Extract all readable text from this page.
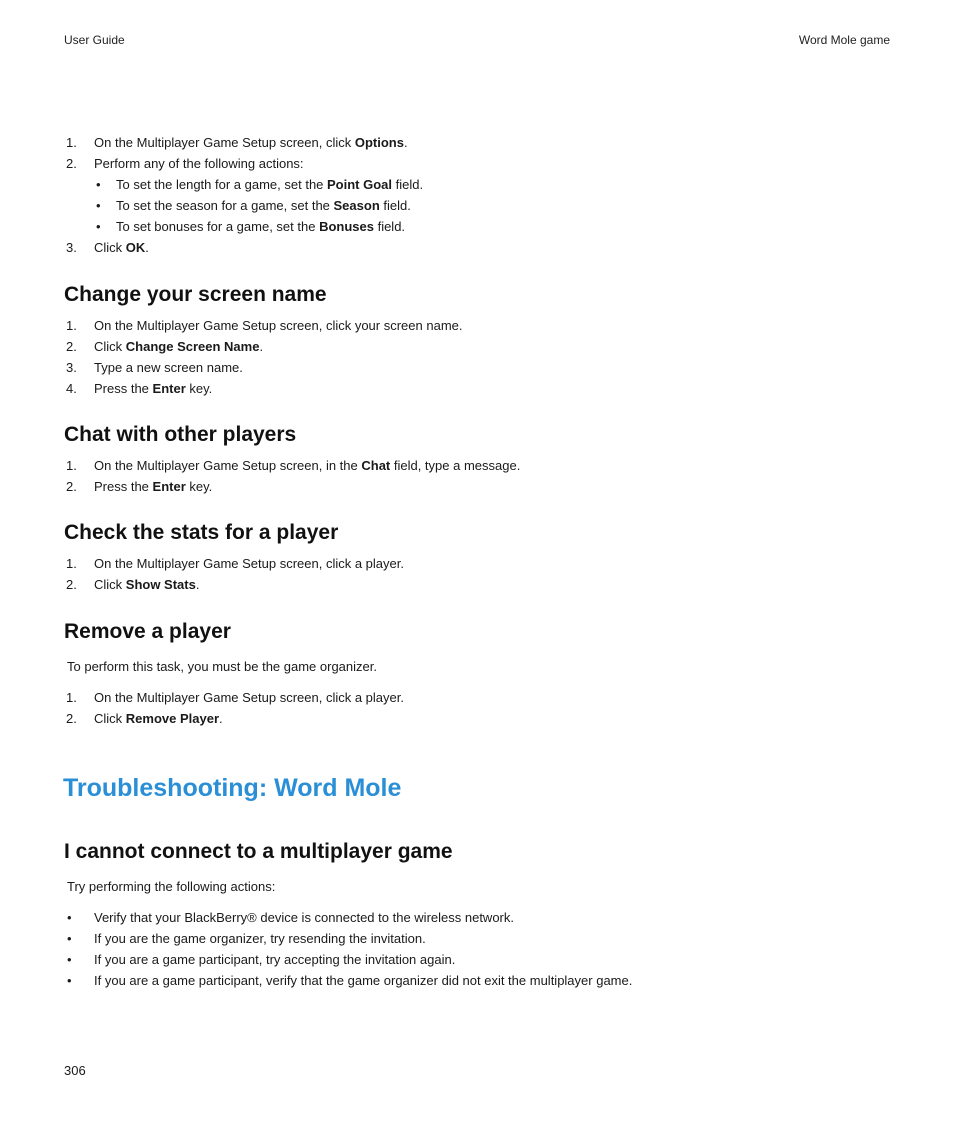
User Guide	Word Mole game
1.	On the Multiplayer Game Setup screen, click Options.
2.	Perform any of the following actions:
• To set the length for a game, set the Point Goal field.
• To set the season for a game, set the Season field.
• To set bonuses for a game, set the Bonuses field.
3.	Click OK.
Change your screen name
1.	On the Multiplayer Game Setup screen, click your screen name.
2.	Click Change Screen Name.
3.	Type a new screen name.
4.	Press the Enter key.
Chat with other players
1.	On the Multiplayer Game Setup screen, in the Chat field, type a message.
2.	Press the Enter key.
Check the stats for a player
1.	On the Multiplayer Game Setup screen, click a player.
2.	Click Show Stats.
Remove a player
To perform this task, you must be the game organizer.
1.	On the Multiplayer Game Setup screen, click a player.
2.	Click Remove Player.
Troubleshooting: Word Mole
I cannot connect to a multiplayer game
Try performing the following actions:
• Verify that your BlackBerry® device is connected to the wireless network.
• If you are the game organizer, try resending the invitation.
• If you are a game participant, try accepting the invitation again.
• If you are a game participant, verify that the game organizer did not exit the multiplayer game.
306
